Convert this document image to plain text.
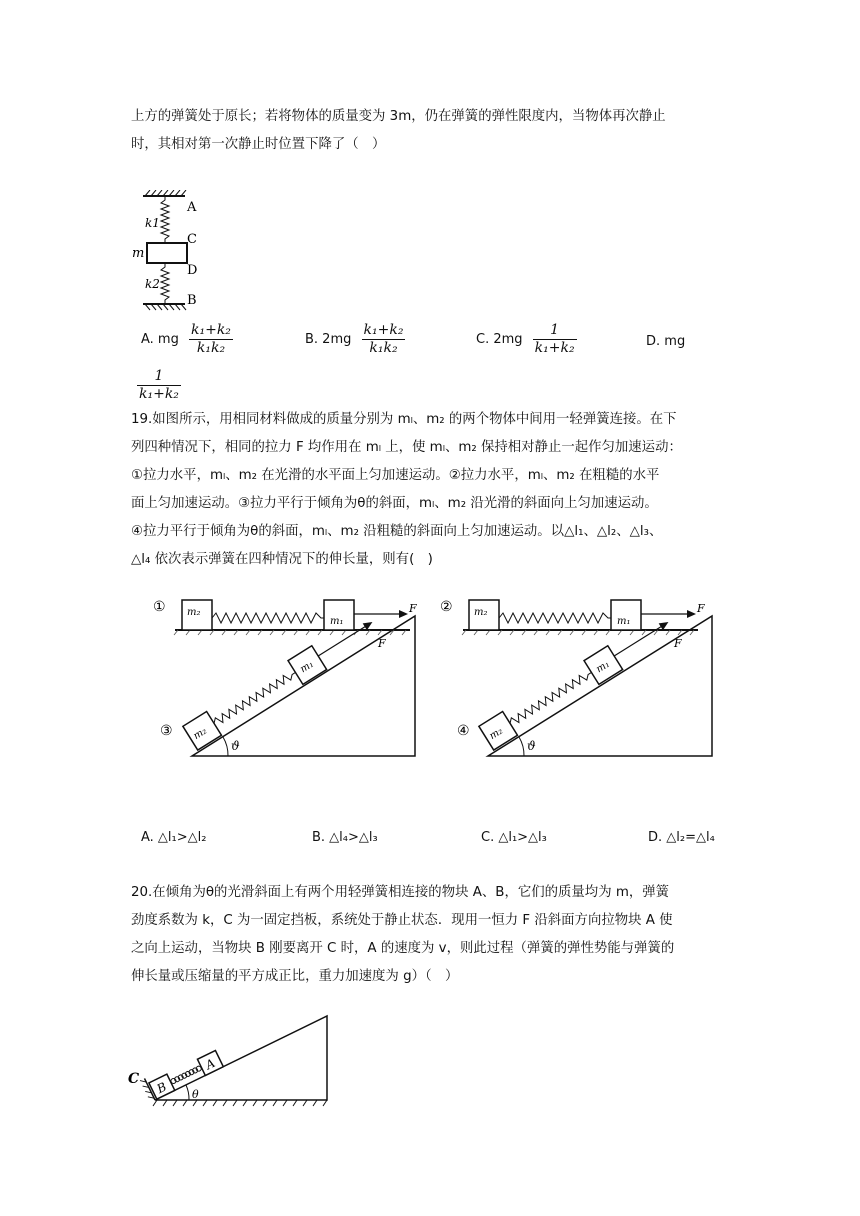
上方的弹簧处于原长；若将物体的质量变为 3m，仍在弹簧的弹性限度内，当物体再次静止
时，其相对第一次静止时位置下降了（　）
A
C
D
B
k1
k2
m
A. mg $\frac{\text{k₁+k₂}}{\text{k₁k₂}}$	B. $2mg \frac{\text{k₁+k₂}}{\text{k₁k₂}}$	C. $2mg \frac{1}{\text{k₁+k₂}}$	D. mg
$\frac{1}{\text{k₁+k₂}}$
19.如图所示，用相同材料做成的质量分别为 mₗ、m₂ 的两个物体中间用一轻弹簧连接。在下
列四种情况下，相同的拉力 F 均作用在 mₗ 上，使 mₗ、m₂ 保持相对静止一起作匀加速运动：
①拉力水平，mₗ、m₂ 在光滑的水平面上匀加速运动。②拉力水平，mₗ、m₂ 在粗糙的水平
面上匀加速运动。③拉力平行于倾角为θ的斜面，mₗ、m₂ 沿光滑的斜面向上匀加速运动。
④拉力平行于倾角为θ的斜面，mₗ、m₂ 沿粗糙的斜面向上匀加速运动。以△l₁、△l₂、△l₃、
△l₄ 依次表示弹簧在四种情况下的伸长量，则有(　)
① m₂
m₁
F ② m₂
m₁
F
③
ϑ
m₂
m₁
F
④
ϑ
m₂
m₁
F
A. △l₁>△l₂	B. △l₄>△l₃	C. △l₁>△l₃	D. △l₂=△l₄
20.在倾角为θ的光滑斜面上有两个用轻弹簧相连接的物块 A、B，它们的质量均为 m，弹簧
劲度系数为 k，C 为一固定挡板，系统处于静止状态．现用一恒力 F 沿斜面方向拉物块 A 使
之向上运动，当物块 B 刚要离开 C 时，A 的速度为 v，则此过程（弹簧的弹性势能与弹簧的
伸长量或压缩量的平方成正比，重力加速度为 g）（　）
B
A
θ
C
